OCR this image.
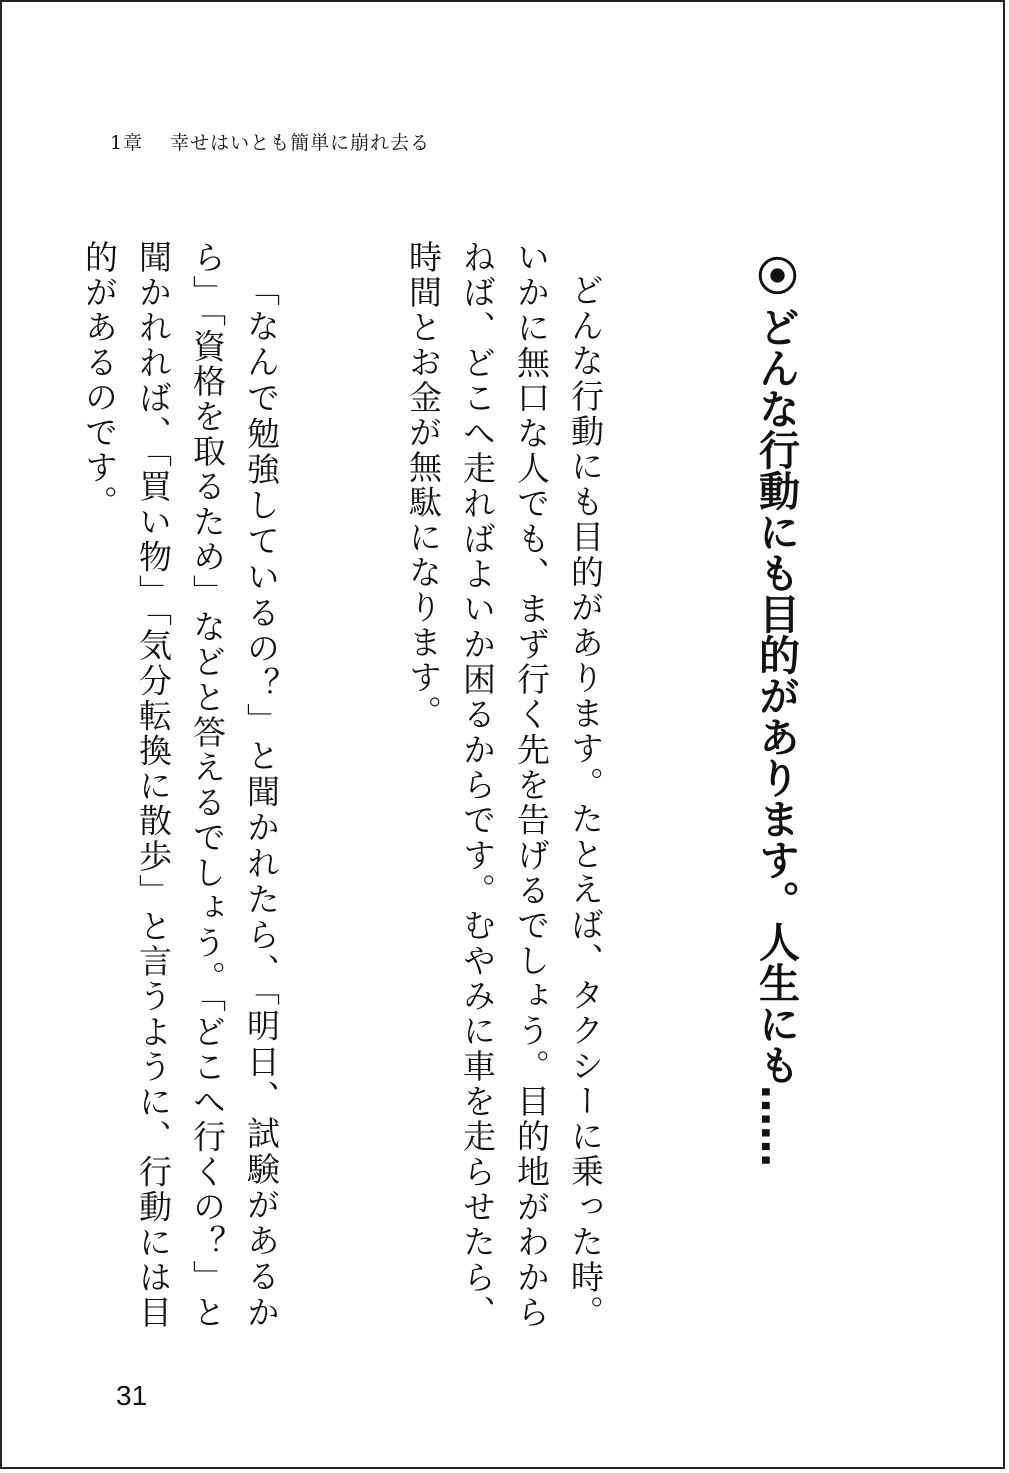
1章 幸せはいとも簡単に崩れ去る
⦿どんな行動にも目的があります。人生にも……

どんな行動にも目的があります。たとえば、タクシーに乗った時。いかに無口な人でも、まず行く先を告げるでしょう。目的地がわからねば、どこへ走ればよいか困るからです。むやみに車を走らせたら、時間とお金が無駄になります。

「なんで勉強しているの？」と聞かれたら、「明日、試験があるから」「資格を取るため」などと答えるでしょう。「どこへ行くの？」と聞かれれば、「買い物」「気分転換に散歩」と言うように、行動には目的があるのです。

31
